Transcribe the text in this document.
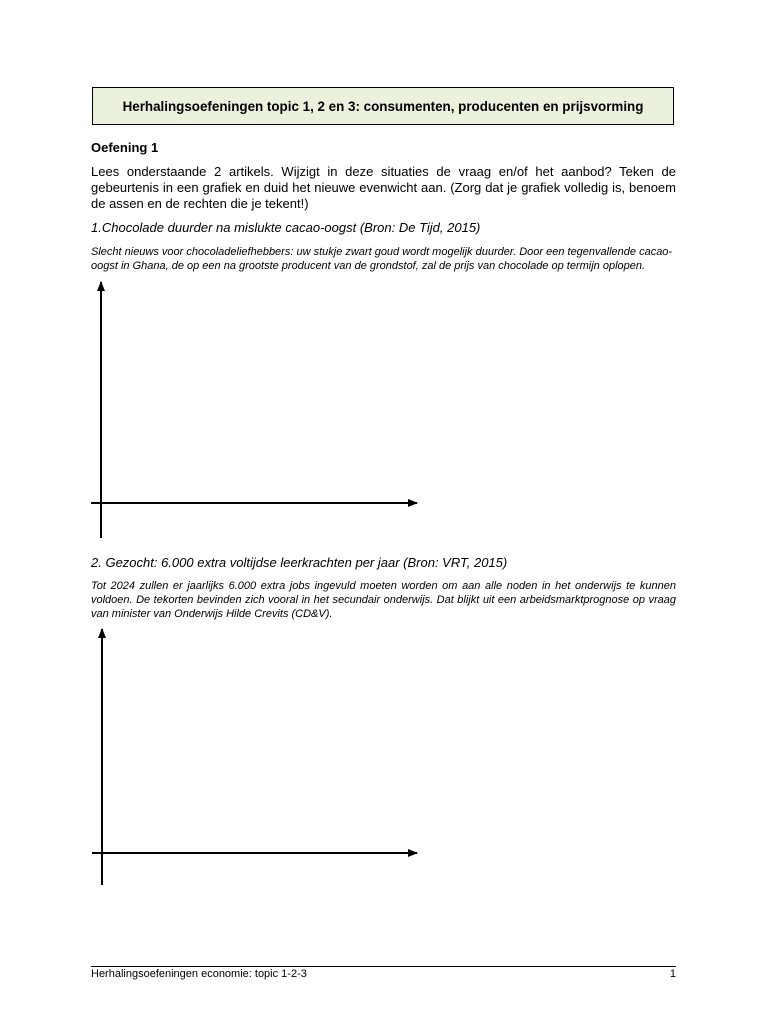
Herhalingsoefeningen topic 1, 2 en 3: consumenten, producenten en prijsvorming
Oefening 1
Lees onderstaande 2 artikels. Wijzigt in deze situaties de vraag en/of het aanbod? Teken de gebeurtenis in een grafiek en duid het nieuwe evenwicht aan. (Zorg dat je grafiek volledig is, benoem de assen en de rechten die je tekent!)
1.Chocolade duurder na mislukte cacao-oogst (Bron: De Tijd, 2015)
Slecht nieuws voor chocoladeliefhebbers: uw stukje zwart goud wordt mogelijk duurder. Door een tegenvallende cacao-oogst in Ghana, de op een na grootste producent van de grondstof, zal de prijs van chocolade op termijn oplopen.
2. Gezocht: 6.000 extra voltijdse leerkrachten per jaar (Bron: VRT, 2015)
Tot 2024 zullen er jaarlijks 6.000 extra jobs ingevuld moeten worden om aan alle noden in het onderwijs te kunnen voldoen. De tekorten bevinden zich vooral in het secundair onderwijs. Dat blijkt uit een arbeidsmarktprognose op vraag van minister van Onderwijs Hilde Crevits (CD&V).
Herhalingsoefeningen economie: topic 1-2-3	1
